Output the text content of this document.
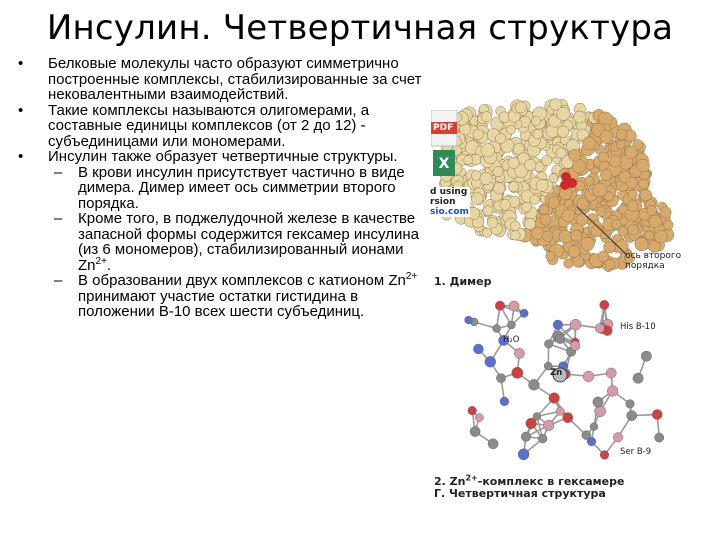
Инсулин. Четвертичная структура
• Белковые молекулы часто образуют симметрично построенные комплексы, стабилизированные за счет нековалентными взаимодействий.
• Такие комплексы называются олигомерами, а составные единицы комплексов (от 2 до 12) - субъединицами или мономерами.
• Инсулин также образует четвертичные структуры.
– В крови инсулин присутствует частично в виде димера. Димер имеет ось симметрии второго порядка.
– Кроме того, в поджелудочной железе в качестве запасной формы содержится гексамер инсулина (из 6 мономеров), стабилизированный ионами $Zn^{2+}$.
– В образовании двух комплексов с катионом $Zn^{2+}$ принимают участие остатки гистидина в положении B-10 всех шести субъединиц.
X
PDF
d using
rsion
sio.com
ось второго
порядка
1. Димер
His B-10
H₂O
Zn
Ser B-9
2. $Zn^{2+}$-комплекс в гексамере
Г. Четвертичная структура
